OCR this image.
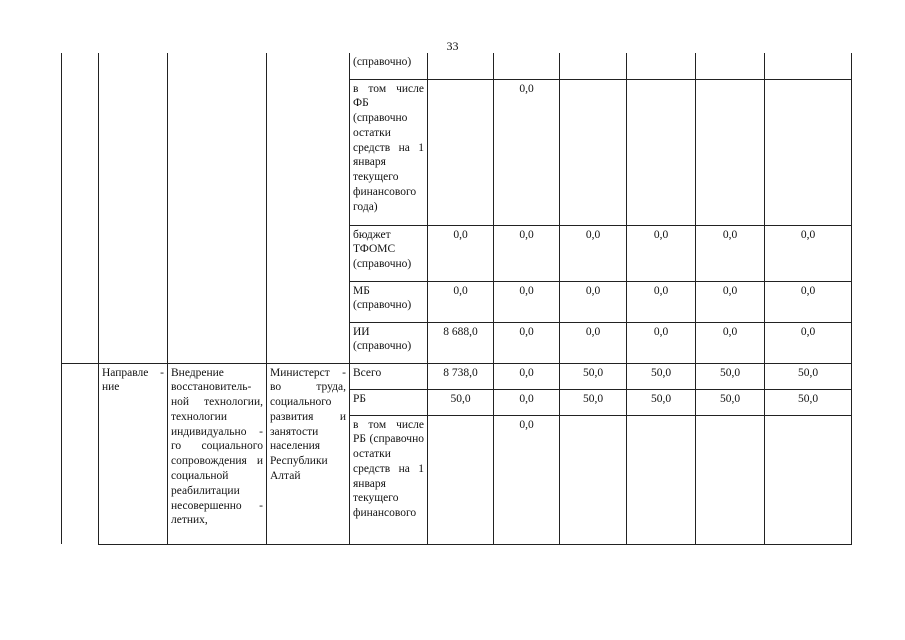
33
				(справочно)						
				в том числе ФБ (справочно остатки средств на 1 января текущего финансового года)		0,0				
				бюджет ТФОМС (справочно)	0,0	0,0	0,0	0,0	0,0	0,0
				МБ (справочно)	0,0	0,0	0,0	0,0	0,0	0,0
				ИИ (справочно)	8 688,0	0,0	0,0	0,0	0,0	0,0
	Направле - ние	Внедрение восстановитель-ной технологии, технологии индивидуально - го социального сопровождения и социальной реабилитации несовершенно - летних,	Министерст - во труда, социального развития и занятости населения Республики Алтай	Всего	8 738,0	0,0	50,0	50,0	50,0	50,0
				РБ	50,0	0,0	50,0	50,0	50,0	50,0
				в том числе РБ (справочно остатки средств на 1 января текущего финансового		0,0				
